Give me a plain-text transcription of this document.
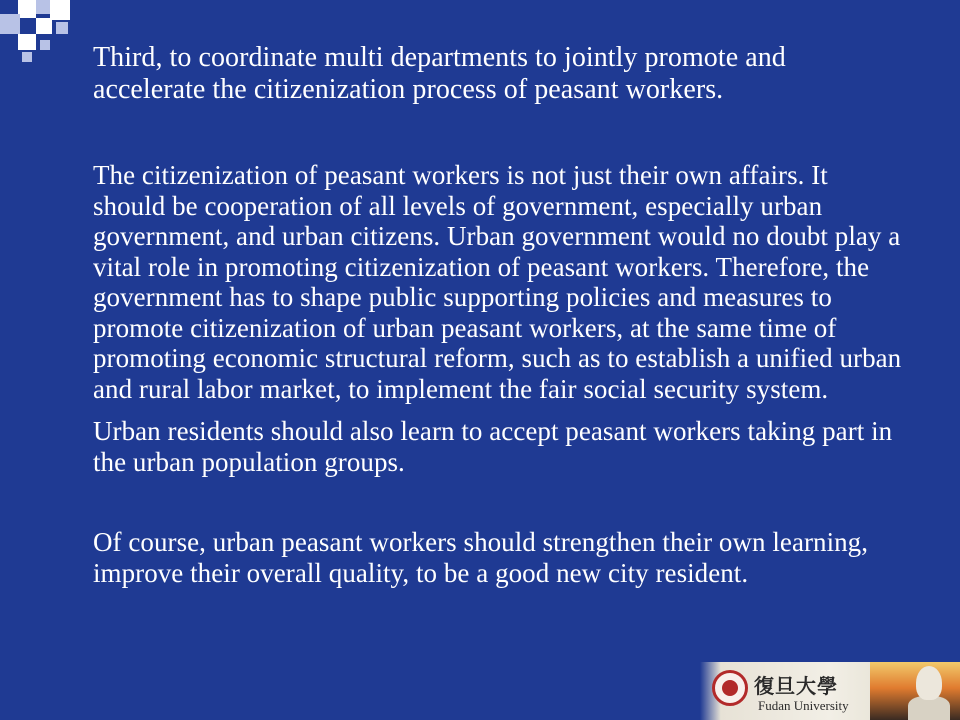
Third, to coordinate multi departments to jointly promote and accelerate the citizenization process of peasant workers.

The citizenization of peasant workers is not just their own affairs. It should be cooperation of all levels of government, especially urban government, and urban citizens. Urban government would no doubt play a vital role in promoting citizenization of peasant workers. Therefore, the government has to shape public supporting policies and measures to promote citizenization of urban peasant workers, at the same time of promoting economic structural reform, such as to establish a unified urban and rural labor market, to implement the fair social security system.

Urban residents should also learn to accept peasant workers taking part in the urban population groups.

Of course, urban peasant workers should strengthen their own learning, improve their overall quality, to be a good new city resident.

復旦大學
Fudan University
